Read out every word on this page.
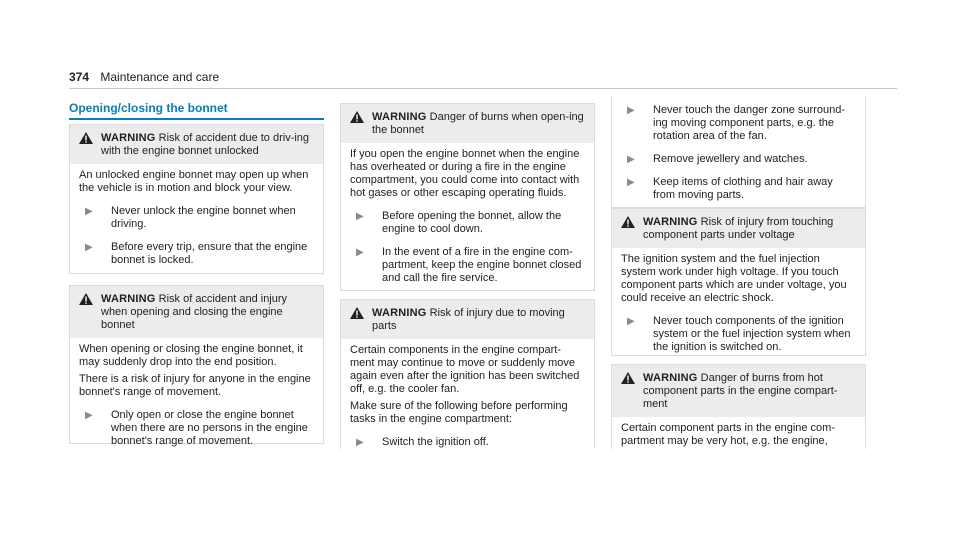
374 Maintenance and care
Opening/closing the bonnet
WARNING Risk of accident due to driv-ing with the engine bonnet unlocked

An unlocked engine bonnet may open up when the vehicle is in motion and block your view.

▶	Never unlock the engine bonnet when driving.
▶	Before every trip, ensure that the engine bonnet is locked.
WARNING Risk of accident and injury when opening and closing the engine bonnet

When opening or closing the engine bonnet, it may suddenly drop into the end position.

There is a risk of injury for anyone in the engine bonnet's range of movement.

▶	Only open or close the engine bonnet when there are no persons in the engine bonnet's range of movement.
WARNING Danger of burns when open-ing the bonnet

If you open the engine bonnet when the engine has overheated or during a fire in the engine compartment, you could come into contact with hot gases or other escaping operating fluids.

▶	Before opening the bonnet, allow the engine to cool down.
▶	In the event of a fire in the engine com-partment, keep the engine bonnet closed and call the fire service.
WARNING Risk of injury due to moving parts

Certain components in the engine compart-ment may continue to move or suddenly move again even after the ignition has been switched off, e.g. the cooler fan.

Make sure of the following before performing tasks in the engine compartment:

▶	Switch the ignition off.
▶	Never touch the danger zone surround-ing moving component parts, e.g. the rotation area of the fan.
▶	Remove jewellery and watches.
▶	Keep items of clothing and hair away from moving parts.
WARNING Risk of injury from touching component parts under voltage

The ignition system and the fuel injection system work under high voltage. If you touch component parts which are under voltage, you could receive an electric shock.

▶	Never touch components of the ignition system or the fuel injection system when the ignition is switched on.
WARNING Danger of burns from hot component parts in the engine compart-ment

Certain component parts in the engine com-partment may be very hot, e.g. the engine,
